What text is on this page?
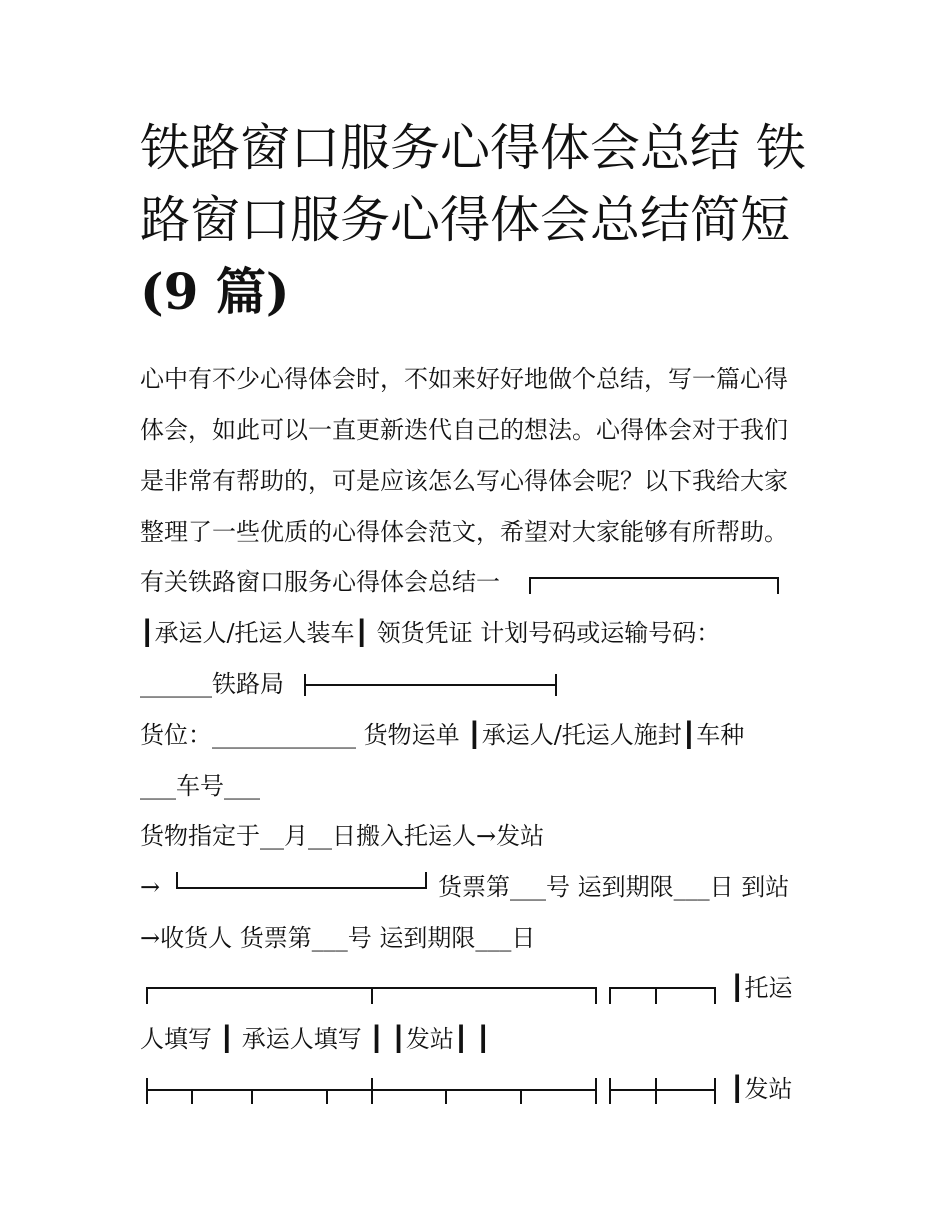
铁路窗口服务心得体会总结 铁
路窗口服务心得体会总结简短
(9 篇)
心中有不少心得体会时，不如来好好地做个总结，写一篇心得
体会，如此可以一直更新迭代自己的想法。心得体会对于我们
是非常有帮助的，可是应该怎么写心得体会呢？以下我给大家
整理了一些优质的心得体会范文，希望对大家能够有所帮助。
有关铁路窗口服务心得体会总结一
┃承运人/托运人装车┃ 领货凭证 计划号码或运输号码：
______铁路局
货位：____________ 货物运单 ┃承运人/托运人施封┃车种
___车号___
货物指定于__月__日搬入托运人→发站
→	货票第___号 运到期限___日 到站
→收货人 货票第___号 运到期限___日
┃托运
人填写 ┃ 承运人填写 ┃ ┃发站┃ ┃
┃发站
